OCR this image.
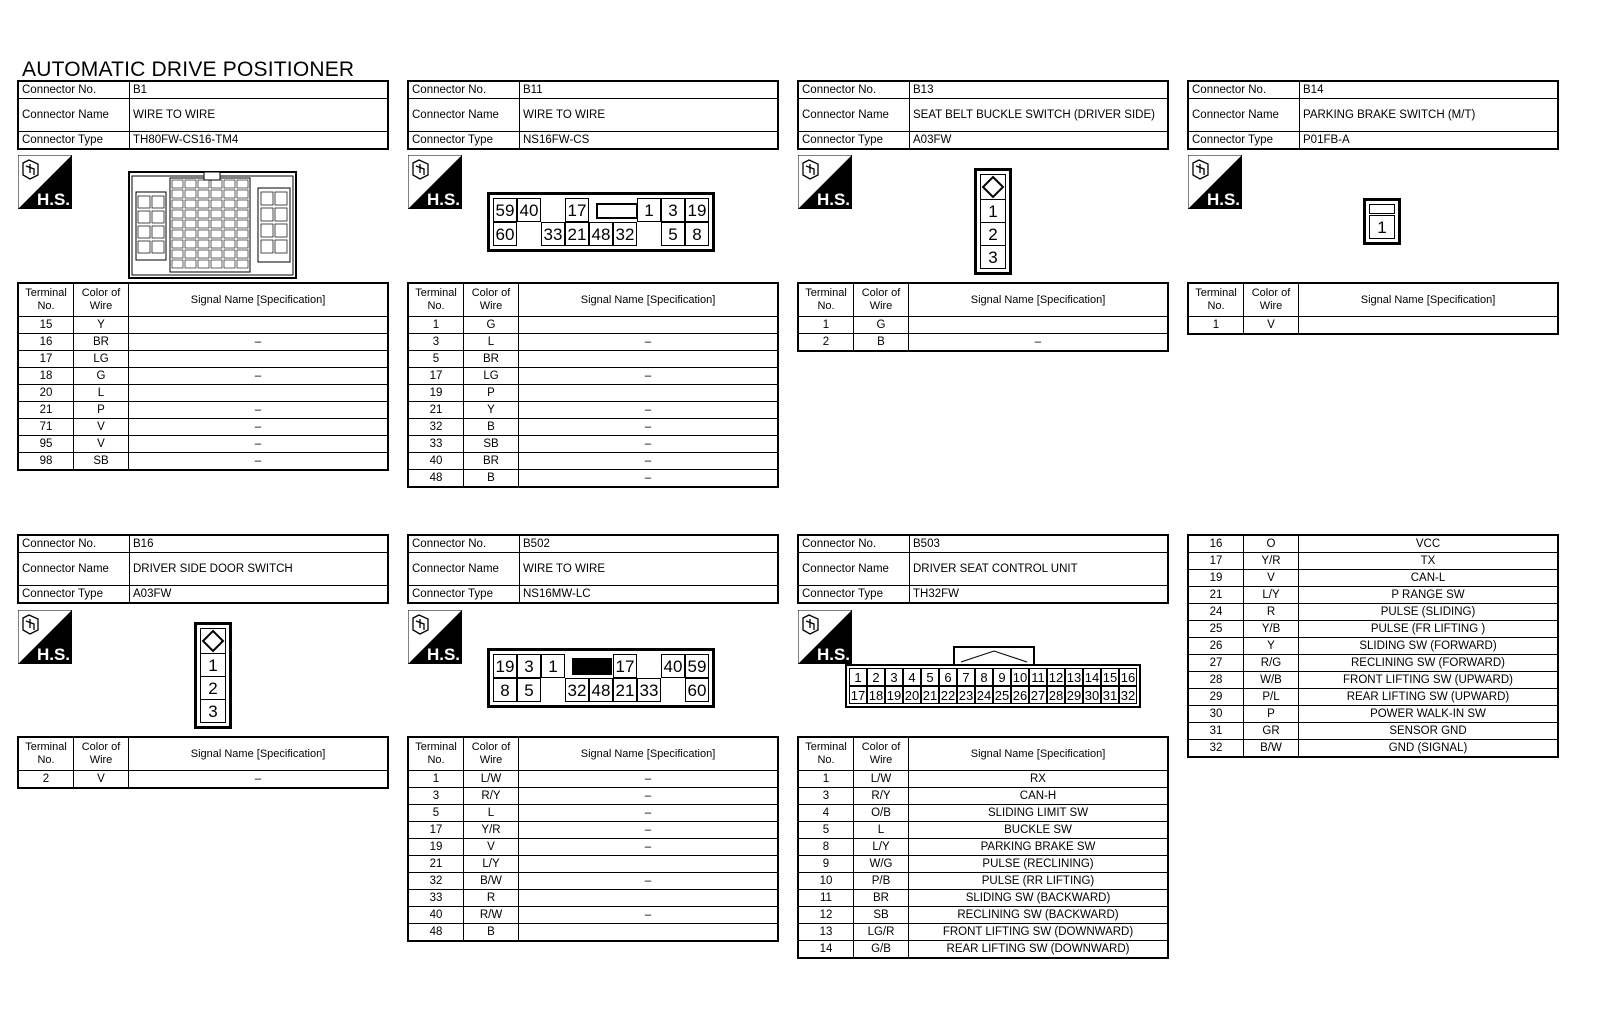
AUTOMATIC DRIVE POSITIONER
Connector No.	B1
Connector Name	WIRE TO WIRE
Connector Type	TH80FW-CS16-TM4
Connector No.	B11
Connector Name	WIRE TO WIRE
Connector Type	NS16FW-CS
Connector No.	B13
Connector Name	SEAT BELT BUCKLE SWITCH (DRIVER SIDE)
Connector Type	A03FW
Connector No.	B14
Connector Name	PARKING BRAKE SWITCH (M/T)
Connector Type	P01FB-A
H.S.	H.S.	H.S.	H.S.
H.S.	H.S.	H.S.
59 40 17	1 3 19
60 33 21 48 32	5 8
1
2
3
1
Terminal No.	Color of Wire	Signal Name [Specification]
15	Y	
16	BR	–
17	LG	
18	G	–
20	L	
21	P	–
71	V	–
95	V	–
98	SB	–
Terminal No.	Color of Wire	Signal Name [Specification]
1	G	
3	L	–
5	BR	
17	LG	–
19	P	
21	Y	–
32	B	–
33	SB	–
40	BR	–
48	B	–
Terminal No.	Color of Wire	Signal Name [Specification]
1	G	
2	B	–
Terminal No.	Color of Wire	Signal Name [Specification]
1	V	
Connector No.	B16
Connector Name	DRIVER SIDE DOOR SWITCH
Connector Type	A03FW
Connector No.	B502
Connector Name	WIRE TO WIRE
Connector Type	NS16MW-LC
Connector No.	B503
Connector Name	DRIVER SEAT CONTROL UNIT
Connector Type	TH32FW
1
2
3
19 3 1	17 40 59
8 5	32 48 21 33 60
1 2 3 4 5 6 7 8 9 10 11 12 13 14 15 16
17 18 19 20 21 22 23 24 25 26 27 28 29 30 31 32
Terminal No.	Color of Wire	Signal Name [Specification]
2	V	–
Terminal No.	Color of Wire	Signal Name [Specification]
1	L/W	–
3	R/Y	–
5	L	–
17	Y/R	–
19	V	–
21	L/Y	
32	B/W	–
33	R	
40	R/W	–
48	B	
Terminal No.	Color of Wire	Signal Name [Specification]
1	L/W	RX
3	R/Y	CAN-H
4	O/B	SLIDING LIMIT SW
5	L	BUCKLE SW
8	L/Y	PARKING BRAKE SW
9	W/G	PULSE (RECLINING)
10	P/B	PULSE (RR LIFTING)
11	BR	SLIDING SW (BACKWARD)
12	SB	RECLINING SW (BACKWARD)
13	LG/R	FRONT LIFTING SW (DOWNWARD)
14	G/B	REAR LIFTING SW (DOWNWARD)
16	O	VCC
17	Y/R	TX
19	V	CAN-L
21	L/Y	P RANGE SW
24	R	PULSE (SLIDING)
25	Y/B	PULSE (FR LIFTING )
26	Y	SLIDING SW (FORWARD)
27	R/G	RECLINING SW (FORWARD)
28	W/B	FRONT LIFTING SW (UPWARD)
29	P/L	REAR LIFTING SW (UPWARD)
30	P	POWER WALK-IN SW
31	GR	SENSOR GND
32	B/W	GND (SIGNAL)
